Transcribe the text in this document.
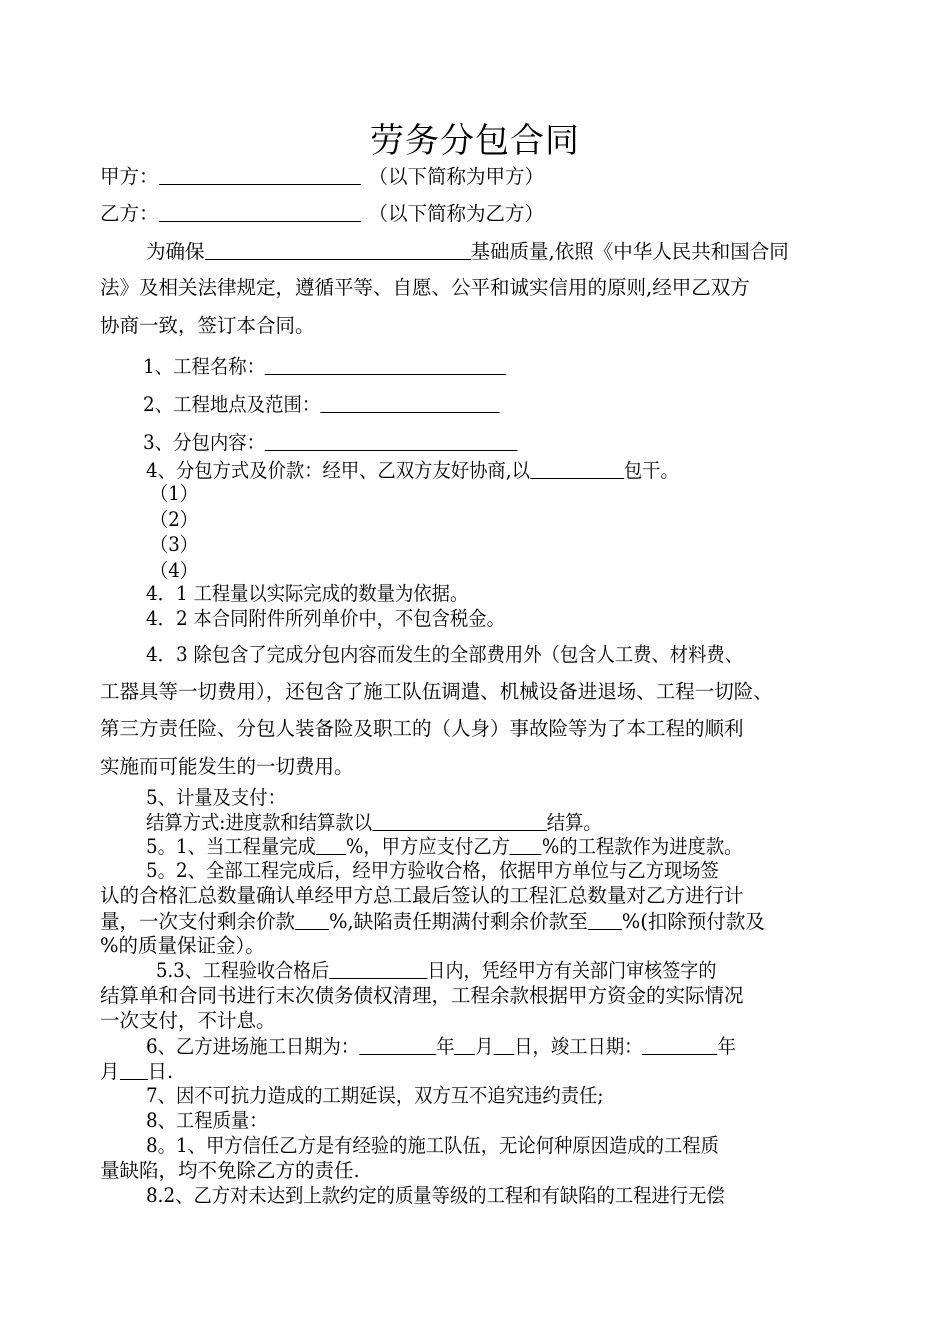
劳务分包合同
甲方：	（以下简称为甲方）
乙方：	（以下简称为乙方）
为确保	基础质量,依照《中华人民共和国合同
法》及相关法律规定，遵循平等、自愿、公平和诚实信用的原则,经甲乙双方
协商一致，签订本合同。
1、工程名称：
2、工程地点及范围：
3、分包内容：
4、分包方式及价款：经甲、乙双方友好协商,以	包干。
（1）
（2）
（3）
（4）
4．1 工程量以实际完成的数量为依据。
4．2 本合同附件所列单价中，不包含税金。
4．3 除包含了完成分包内容而发生的全部费用外（包含人工费、材料费、
工器具等一切费用），还包含了施工队伍调遣、机械设备进退场、工程一切险、
第三方责任险、分包人装备险及职工的（人身）事故险等为了本工程的顺利
实施而可能发生的一切费用。
5、计量及支付：
结算方式:进度款和结算款以	结算。
5。1、当工程量完成 %，甲方应支付乙方 %的工程款作为进度款。
5。2、全部工程完成后，经甲方验收合格，依据甲方单位与乙方现场签
认的合格汇总数量确认单经甲方总工最后签认的工程汇总数量对乙方进行计
量，一次支付剩余价款 %,缺陷责任期满付剩余价款至 %(扣除预付款及
%的质量保证金）。
5.3、工程验收合格后	日内，凭经甲方有关部门审核签字的
结算单和合同书进行末次债务债权清理，工程余款根据甲方资金的实际情况
一次支付，不计息。
6、乙方进场施工日期为：	年 月 日，竣工日期：	年
月 日.
7、因不可抗力造成的工期延误，双方互不追究违约责任;
8、工程质量：
8。1、甲方信任乙方是有经验的施工队伍，无论何种原因造成的工程质
量缺陷，均不免除乙方的责任.
8.2、乙方对未达到上款约定的质量等级的工程和有缺陷的工程进行无偿
